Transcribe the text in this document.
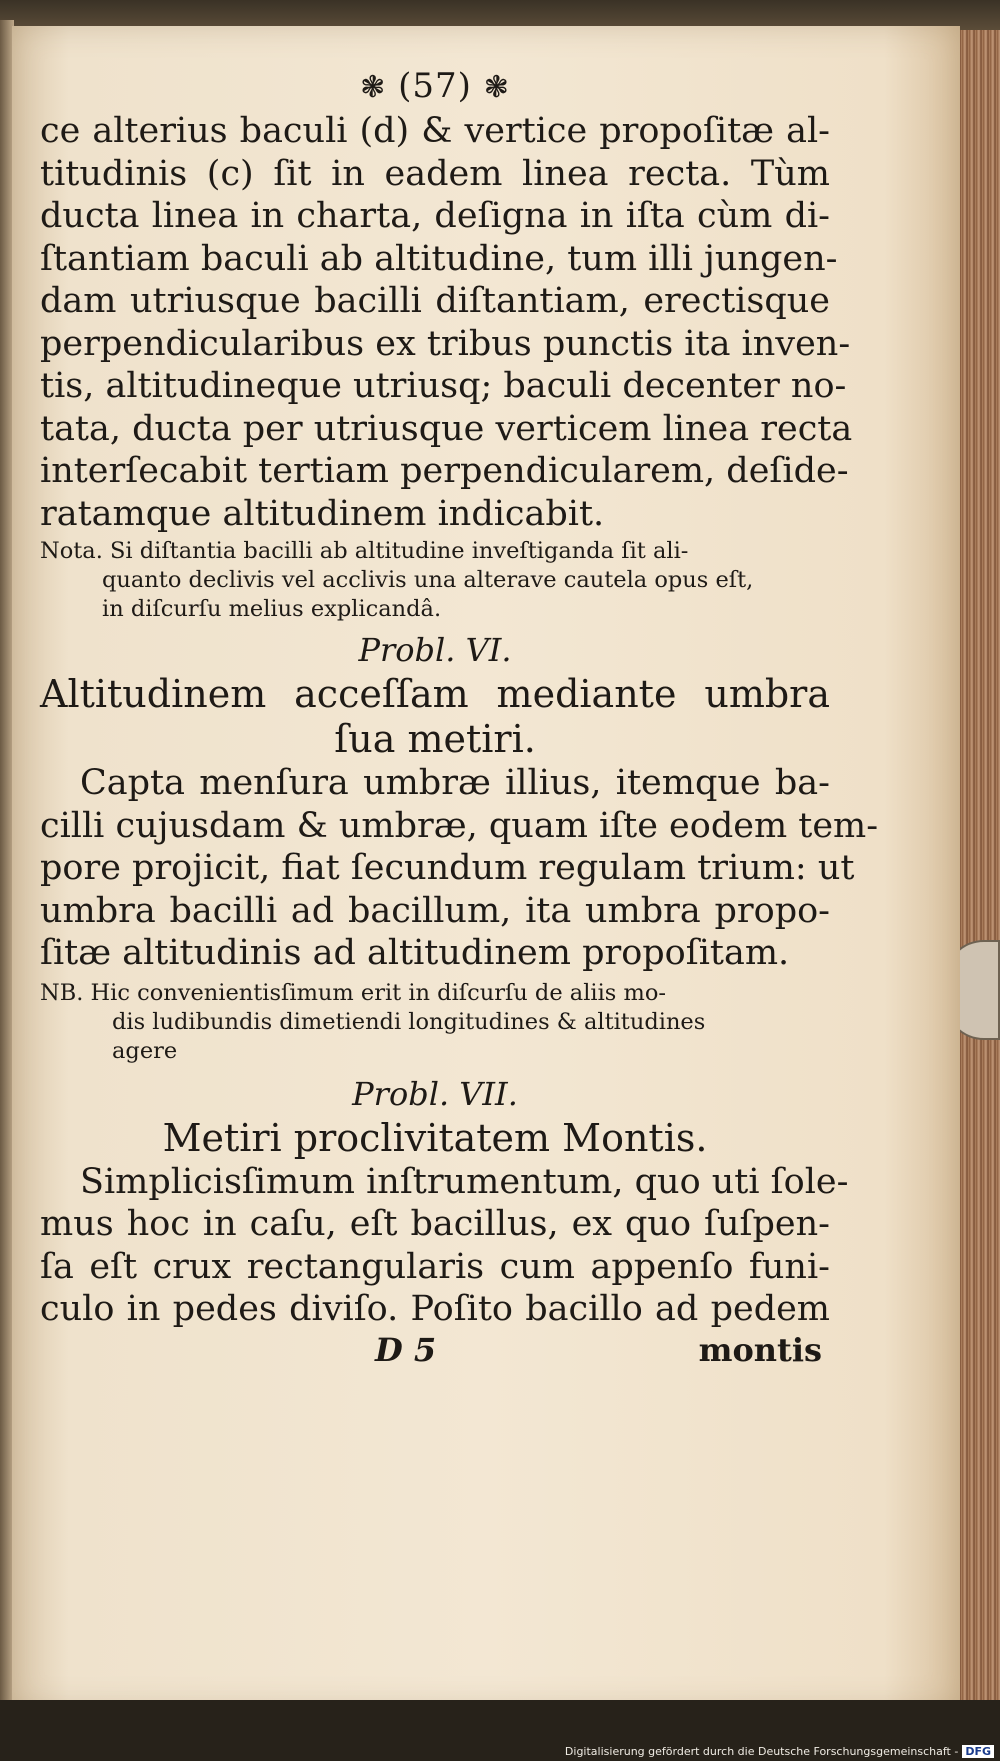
❃ (57) ❃
ce alterius baculi (d) & vertice propoſitæ al-
titudinis (c) ſit in eadem linea recta. Tùm
ducta linea in charta, deſigna in iſta cùm di-
ſtantiam baculi ab altitudine, tum illi jungen-
dam utriusque bacilli diſtantiam, erectisque
perpendicularibus ex tribus punctis ita inven-
tis, altitudineque utriusq; baculi decenter no-
tata, ducta per utriusque verticem linea recta
interſecabit tertiam perpendicularem, deſide-
ratamque altitudinem indicabit.
Nota. Si diſtantia bacilli ab altitudine inveſtiganda ſit ali-
quanto declivis vel acclivis una alterave cautela opus eſt,
in diſcurſu melius explicandâ.
Probl. VI.
Altitudinem acceſſam mediante umbra
ſua metiri.
Capta menſura umbræ illius, itemque ba-
cilli cujusdam & umbræ, quam iſte eodem tem-
pore projicit, fiat ſecundum regulam trium: ut
umbra bacilli ad bacillum, ita umbra propo-
ſitæ altitudinis ad altitudinem propoſitam.
NB. Hic convenientisſimum erit in diſcurſu de aliis mo-
dis ludibundis dimetiendi longitudines & altitudines
agere
Probl. VII.
Metiri proclivitatem Montis.
Simplicisſimum inſtrumentum, quo uti ſole-
mus hoc in caſu, eſt bacillus, ex quo ſuſpen-
ſa eſt crux rectangularis cum appenſo funi-
culo in pedes diviſo. Poſito bacillo ad pedem
D 5	montis
Digitalisierung gefördert durch die Deutsche Forschungsgemeinschaft - DFG
